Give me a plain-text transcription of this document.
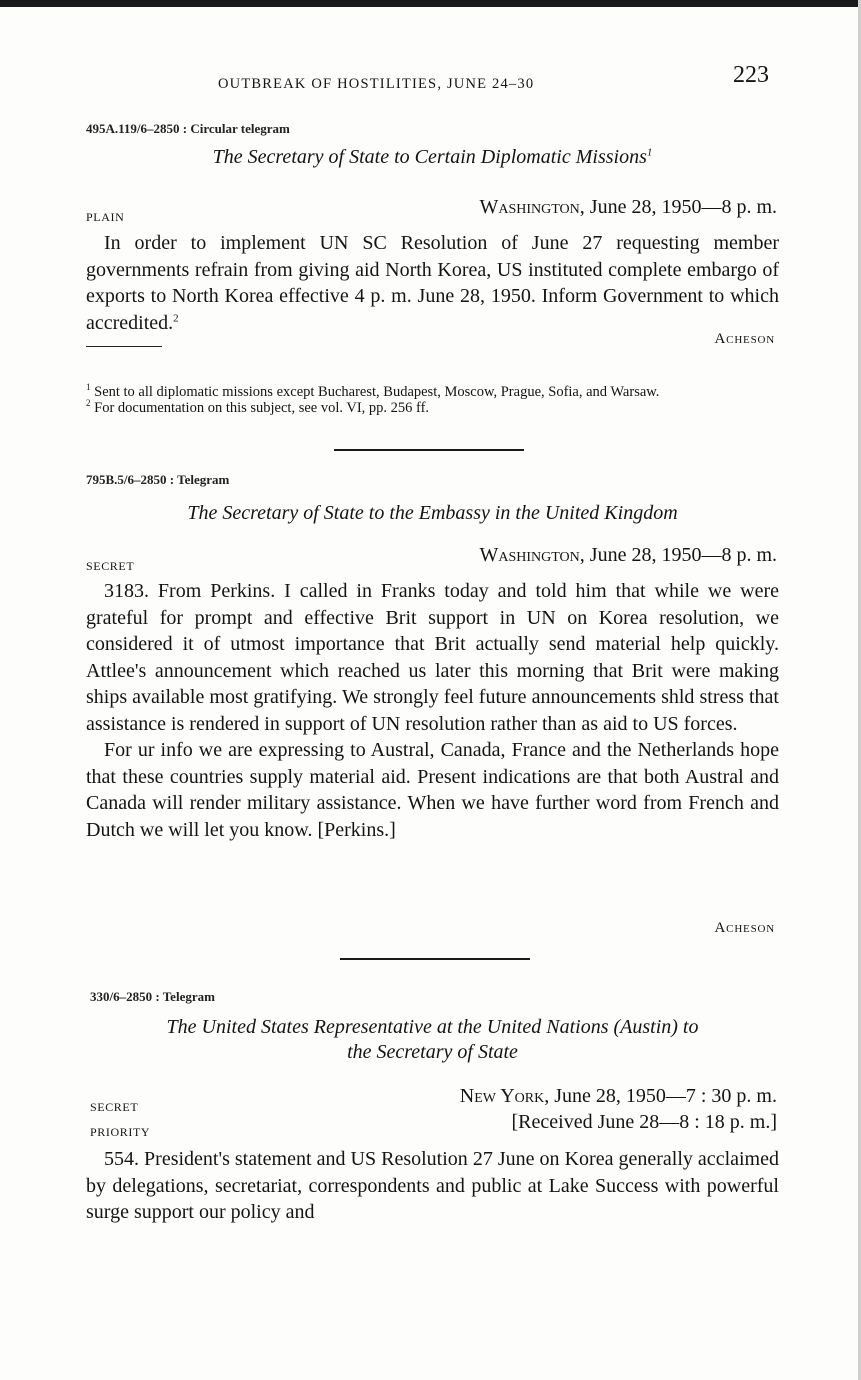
OUTBREAK OF HOSTILITIES, JUNE 24–30	223
495A.119/6–2850 : Circular telegram
The Secretary of State to Certain Diplomatic Missions$^1$
PLAIN	Washington, June 28, 1950—8 p. m.

In order to implement UN SC Resolution of June 27 requesting member governments refrain from giving aid North Korea, US instituted complete embargo of exports to North Korea effective 4 p. m. June 28, 1950. Inform Government to which accredited.$^2$

Acheson

$^1$ Sent to all diplomatic missions except Bucharest, Budapest, Moscow, Prague, Sofia, and Warsaw.

$^2$ For documentation on this subject, see vol. VI, pp. 256 ff.

795B.5/6–2850 : Telegram
The Secretary of State to the Embassy in the United Kingdom
SECRET	Washington, June 28, 1950—8 p. m.

3183. From Perkins. I called in Franks today and told him that while we were grateful for prompt and effective Brit support in UN on Korea resolution, we considered it of utmost importance that Brit actually send material help quickly. Attlee's announcement which reached us later this morning that Brit were making ships available most gratifying. We strongly feel future announcements shld stress that assistance is rendered in support of UN resolution rather than as aid to US forces.

For ur info we are expressing to Austral, Canada, France and the Netherlands hope that these countries supply material aid. Present indications are that both Austral and Canada will render military assistance. When we have further word from French and Dutch we will let you know. [Perkins.]

Acheson
330/6–2850 : Telegram
The United States Representative at the United Nations (Austin) to
the Secretary of State
SECRET
PRIORITY
New York, June 28, 1950—7 : 30 p. m.
[Received June 28—8 : 18 p. m.]

554. President's statement and US Resolution 27 June on Korea generally acclaimed by delegations, secretariat, correspondents and public at Lake Success with powerful surge support our policy and
